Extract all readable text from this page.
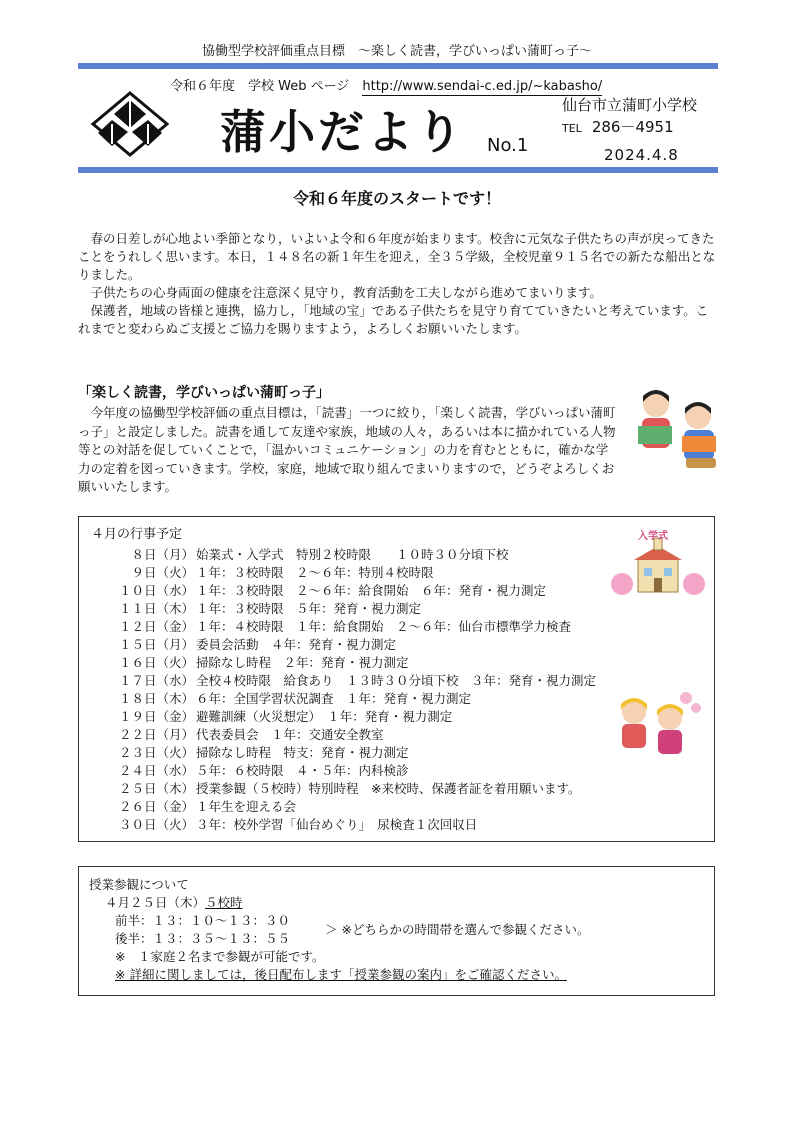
協働型学校評価重点目標　～楽しく読書，学びいっぱい蒲町っ子～
令和６年度　学校 Web ページ　http://www.sendai-c.ed.jp/~kabasho/
蒲小だより No.1
仙台市立蒲町小学校
TEL 286－4951
2024.4.8
令和６年度のスタートです！

春の日差しが心地よい季節となり，いよいよ令和６年度が始まります。校舎に元気な子供たちの声が戻ってきたことをうれしく思います。本日，１４８名の新１年生を迎え，全３５学級，全校児童９１５名での新たな船出となりました。

子供たちの心身両面の健康を注意深く見守り，教育活動を工夫しながら進めてまいります。

保護者，地域の皆様と連携，協力し，「地域の宝」である子供たちを見守り育てていきたいと考えています。これまでと変わらぬご支援とご協力を賜りますよう，よろしくお願いいたします。

「楽しく読書，学びいっぱい蒲町っ子」

今年度の協働型学校評価の重点目標は，「読書」一つに絞り，「楽しく読書，学びいっぱい蒲町っ子」と設定しました。読書を通して友達や家族，地域の人々，あるいは本に描かれている人物等との対話を促していくことで，「温かいコミュニケーション」の力を育むとともに，確かな学力の定着を図っていきます。学校，家庭，地域で取り組んでまいりますので，どうぞよろしくお願いいたします。

４月の行事予定
８日（月） 始業式・入学式　特別２校時限　　１０時３０分頃下校
９日（火） １年：３校時限　２～６年：特別４校時限
１０日（水） １年：３校時限　２～６年：給食開始　６年：発育・視力測定
１１日（木） １年：３校時限　５年：発育・視力測定
１２日（金） １年：４校時限　１年：給食開始　２～６年：仙台市標準学力検査
１５日（月） 委員会活動　４年：発育・視力測定
１６日（火） 掃除なし時程　２年：発育・視力測定
１７日（水） 全校４校時限　給食あり　１３時３０分頃下校　３年：発育・視力測定
１８日（木） ６年：全国学習状況調査　１年：発育・視力測定
１９日（金） 避難訓練（火災想定）　１年：発育・視力測定
２２日（月） 代表委員会　１年：交通安全教室
２３日（火） 掃除なし時程　特支：発育・視力測定
２４日（水） ５年：６校時限　４・５年：内科検診
２５日（木） 授業参観（５校時）特別時程　※来校時、保護者証を着用願います。
２６日（金） １年生を迎える会
３０日（火） ３年：校外学習「仙台めぐり」　尿検査１次回収日
入学式
授業参観について
４月２５日（木）５校時
前半：１３：１０～１３：３０
後半：１３：３５～１３：５５
＞ ※どちらかの時間帯を選んで参観ください。
※　１家庭２名まで参観が可能です。
※ 詳細に関しましては，後日配布します「授業参観の案内」をご確認ください。
